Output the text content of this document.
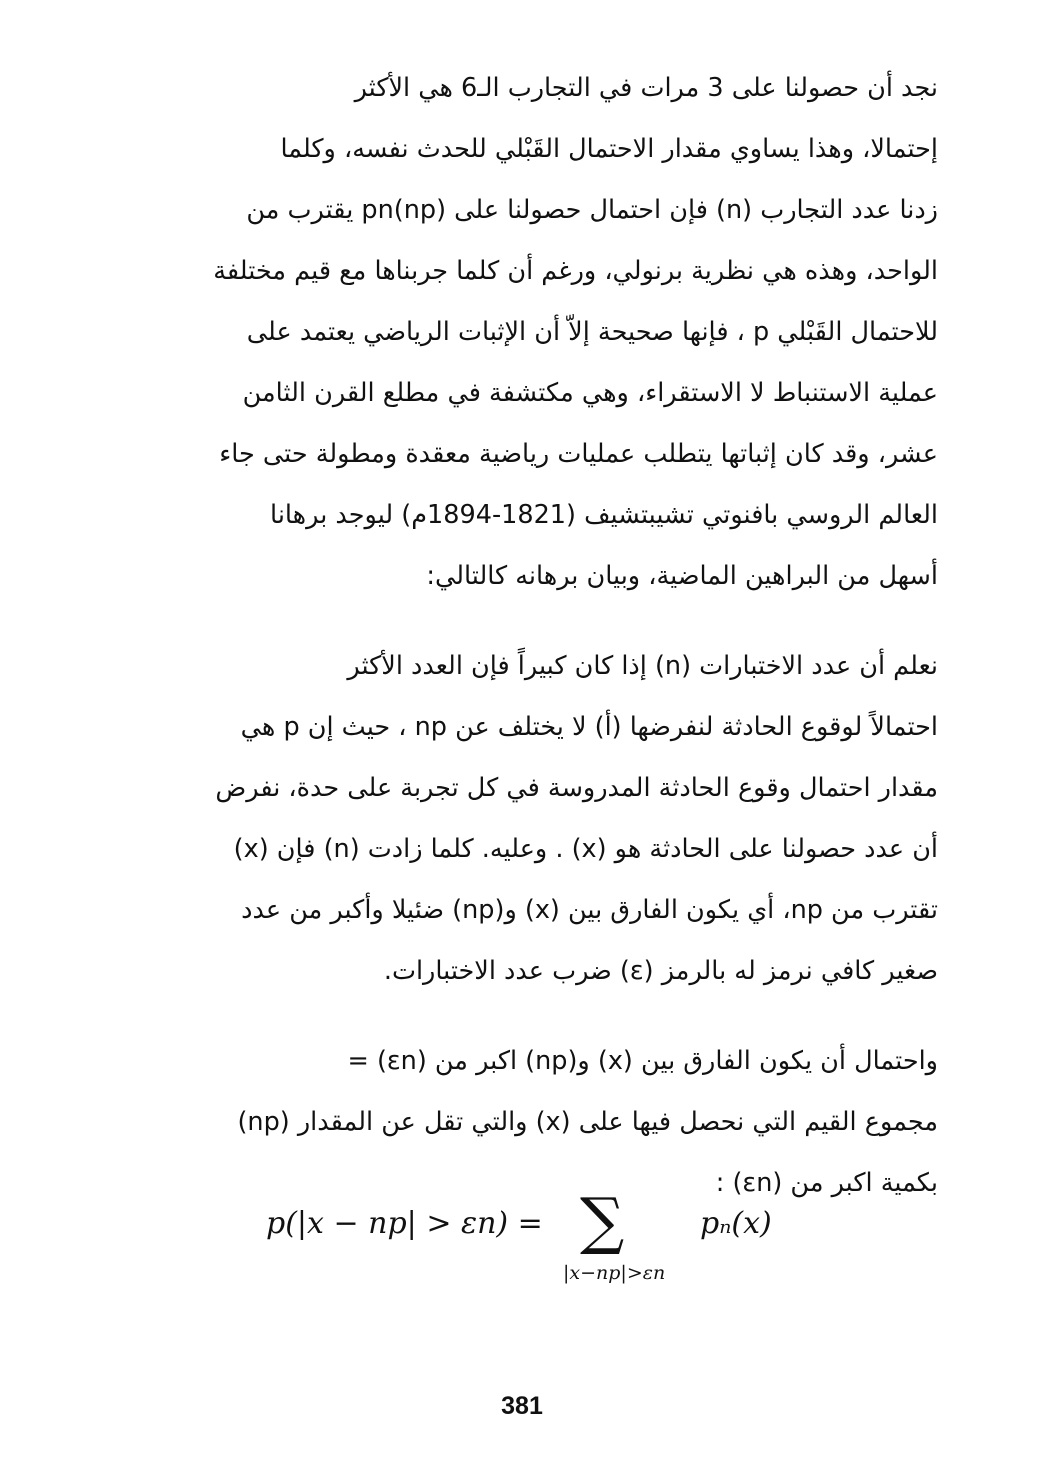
نجد أن حصولنا على 3 مرات في التجارب الـ6 هي الأكثر
إحتمالا، وهذا يساوي مقدار الاحتمال القَبْلي للحدث نفسه، وكلما
زدنا عدد التجارب (n) فإن احتمال حصولنا على pn(np) يقترب من
الواحد، وهذه هي نظرية برنولي، ورغم أن كلما جربناها مع قيم مختلفة
للاحتمال القَبْلي p ، فإنها صحيحة إلاّ أن الإثبات الرياضي يعتمد على
عملية الاستنباط لا الاستقراء، وهي مكتشفة في مطلع القرن الثامن
عشر، وقد كان إثباتها يتطلب عمليات رياضية معقدة ومطولة حتى جاء
العالم الروسي بافنوتي تشيبتشيف (1821-1894م) ليوجد برهانا
أسهل من البراهين الماضية، وبيان برهانه كالتالي:
نعلم أن عدد الاختبارات (n) إذا كان كبيراً فإن العدد الأكثر
احتمالاً لوقوع الحادثة لنفرضها (أ) لا يختلف عن np ، حيث إن p هي
مقدار احتمال وقوع الحادثة المدروسة في كل تجربة على حدة، نفرض
أن عدد حصولنا على الحادثة هو (x) . وعليه. كلما زادت (n) فإن (x)
تقترب من np، أي يكون الفارق بين (x) و(np) ضئيلا وأكبر من عدد
صغير كافي نرمز له بالرمز (ε) ضرب عدد الاختبارات.
واحتمال أن يكون الفارق بين (x) و(np) اكبر من (εn) =
مجموع القيم التي نحصل فيها على (x) والتي تقل عن المقدار (np)
بكمية اكبر من (εn) :
p(|x − np| > εn) = ∑
|x−np|>εn
pₙ(x)
381
